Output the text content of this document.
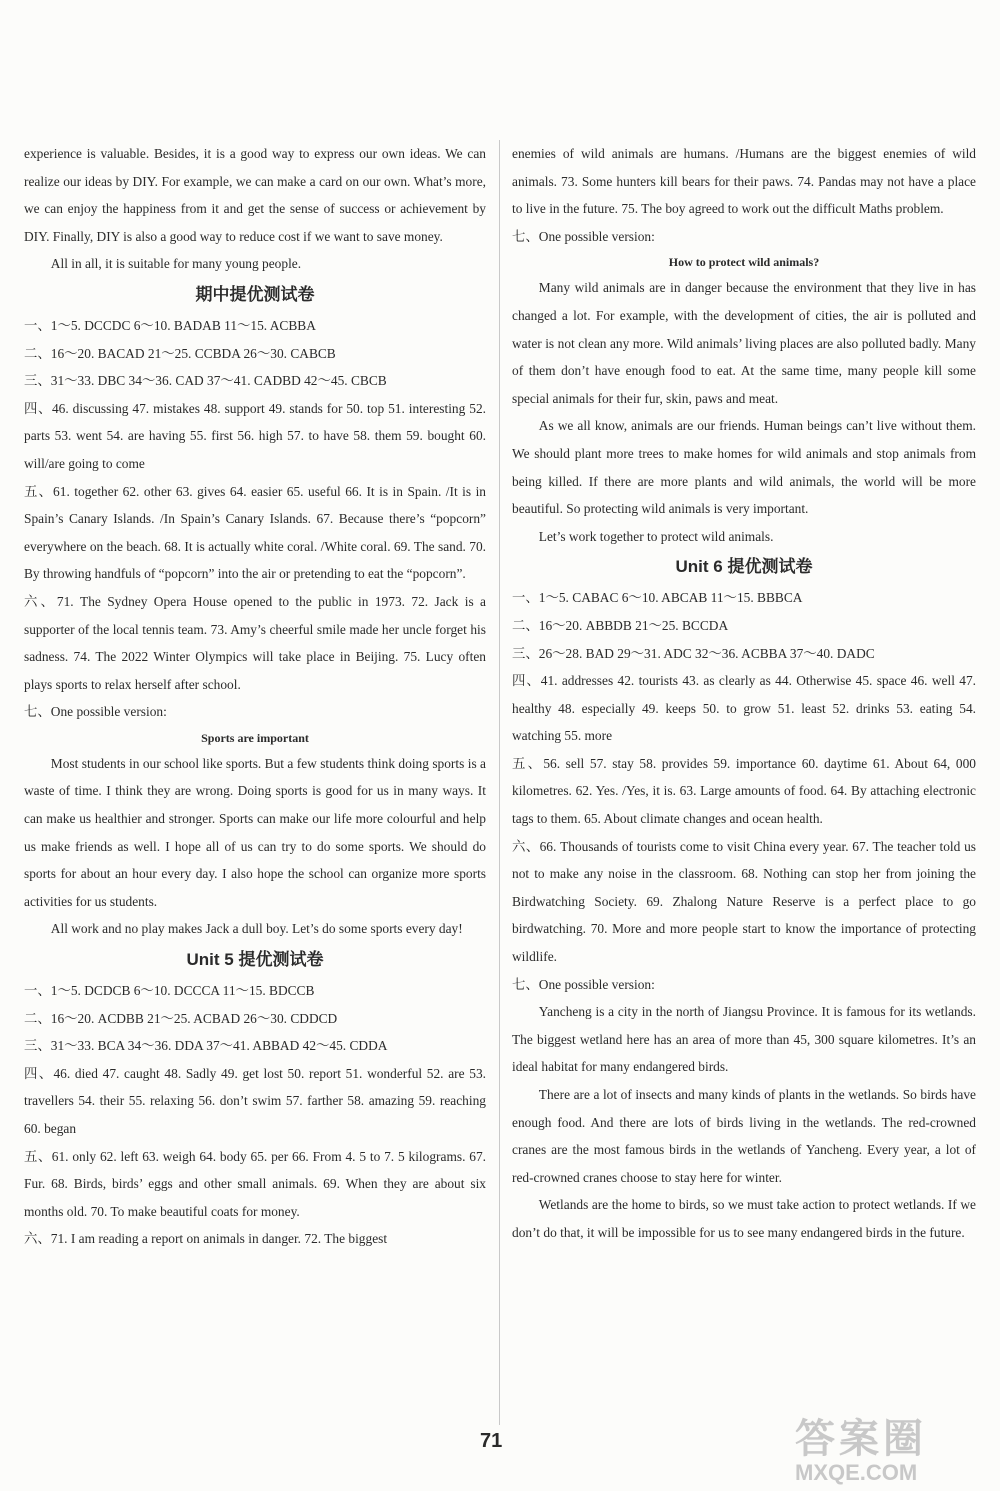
experience is valuable. Besides, it is a good way to express our own ideas. We can realize our ideas by DIY. For example, we can make a card on our own. What’s more, we can enjoy the happiness from it and get the sense of success or achievement by DIY. Finally, DIY is also a good way to reduce cost if we want to save money.
All in all, it is suitable for many young people.
期中提优测试卷
一、1～5. DCCDC 6～10. BADAB 11～15. ACBBA
二、16～20. BACAD 21～25. CCBDA 26～30. CABCB
三、31～33. DBC 34～36. CAD 37～41. CADBD 42～45. CBCB
四、46. discussing 47. mistakes 48. support 49. stands for 50. top 51. interesting 52. parts 53. went 54. are having 55. first 56. high 57. to have 58. them 59. bought 60. will/are going to come
五、61. together 62. other 63. gives 64. easier 65. useful 66. It is in Spain. /It is in Spain’s Canary Islands. /In Spain’s Canary Islands. 67. Because there’s “popcorn” everywhere on the beach. 68. It is actually white coral. /White coral. 69. The sand. 70. By throwing handfuls of “popcorn” into the air or pretending to eat the “popcorn”.
六、71. The Sydney Opera House opened to the public in 1973. 72. Jack is a supporter of the local tennis team. 73. Amy’s cheerful smile made her uncle forget his sadness. 74. The 2022 Winter Olympics will take place in Beijing. 75. Lucy often plays sports to relax herself after school.
七、One possible version:
Sports are important
Most students in our school like sports. But a few students think doing sports is a waste of time. I think they are wrong. Doing sports is good for us in many ways. It can make us healthier and stronger. Sports can make our life more colourful and help us make friends as well. I hope all of us can try to do some sports. We should do sports for about an hour every day. I also hope the school can organize more sports activities for us students.
All work and no play makes Jack a dull boy. Let’s do some sports every day!
Unit 5 提优测试卷
一、1～5. DCDCB 6～10. DCCCA 11～15. BDCCB
二、16～20. ACDBB 21～25. ACBAD 26～30. CDDCD
三、31～33. BCA 34～36. DDA 37～41. ABBAD 42～45. CDDA
四、46. died 47. caught 48. Sadly 49. get lost 50. report 51. wonderful 52. are 53. travellers 54. their 55. relaxing 56. don’t swim 57. farther 58. amazing 59. reaching 60. began
五、61. only 62. left 63. weigh 64. body 65. per 66. From 4. 5 to 7. 5 kilograms. 67. Fur. 68. Birds, birds’ eggs and other small animals. 69. When they are about six months old. 70. To make beautiful coats for money.
六、71. I am reading a report on animals in danger. 72. The biggest
enemies of wild animals are humans. /Humans are the biggest enemies of wild animals. 73. Some hunters kill bears for their paws. 74. Pandas may not have a place to live in the future. 75. The boy agreed to work out the difficult Maths problem.
七、One possible version:
How to protect wild animals?
Many wild animals are in danger because the environment that they live in has changed a lot. For example, with the development of cities, the air is polluted and water is not clean any more. Wild animals’ living places are also polluted badly. Many of them don’t have enough food to eat. At the same time, many people kill some special animals for their fur, skin, paws and meat.
As we all know, animals are our friends. Human beings can’t live without them. We should plant more trees to make homes for wild animals and stop animals from being killed. If there are more plants and wild animals, the world will be more beautiful. So protecting wild animals is very important.
Let’s work together to protect wild animals.
Unit 6 提优测试卷
一、1～5. CABAC 6～10. ABCAB 11～15. BBBCA
二、16～20. ABBDB 21～25. BCCDA
三、26～28. BAD 29～31. ADC 32～36. ACBBA 37～40. DADC
四、41. addresses 42. tourists 43. as clearly as 44. Otherwise 45. space 46. well 47. healthy 48. especially 49. keeps 50. to grow 51. least 52. drinks 53. eating 54. watching 55. more
五、56. sell 57. stay 58. provides 59. importance 60. daytime 61. About 64, 000 kilometres. 62. Yes. /Yes, it is. 63. Large amounts of food. 64. By attaching electronic tags to them. 65. About climate changes and ocean health.
六、66. Thousands of tourists come to visit China every year. 67. The teacher told us not to make any noise in the classroom. 68. Nothing can stop her from joining the Birdwatching Society. 69. Zhalong Nature Reserve is a perfect place to go birdwatching. 70. More and more people start to know the importance of protecting wildlife.
七、One possible version:
Yancheng is a city in the north of Jiangsu Province. It is famous for its wetlands. The biggest wetland here has an area of more than 45, 300 square kilometres. It’s an ideal habitat for many endangered birds.
There are a lot of insects and many kinds of plants in the wetlands. So birds have enough food. And there are lots of birds living in the wetlands. The red-crowned cranes are the most famous birds in the wetlands of Yancheng. Every year, a lot of red-crowned cranes choose to stay here for winter.
Wetlands are the home to birds, so we must take action to protect wetlands. If we don’t do that, it will be impossible for us to see many endangered birds in the future.
71	答案圈
MXQE.COM
